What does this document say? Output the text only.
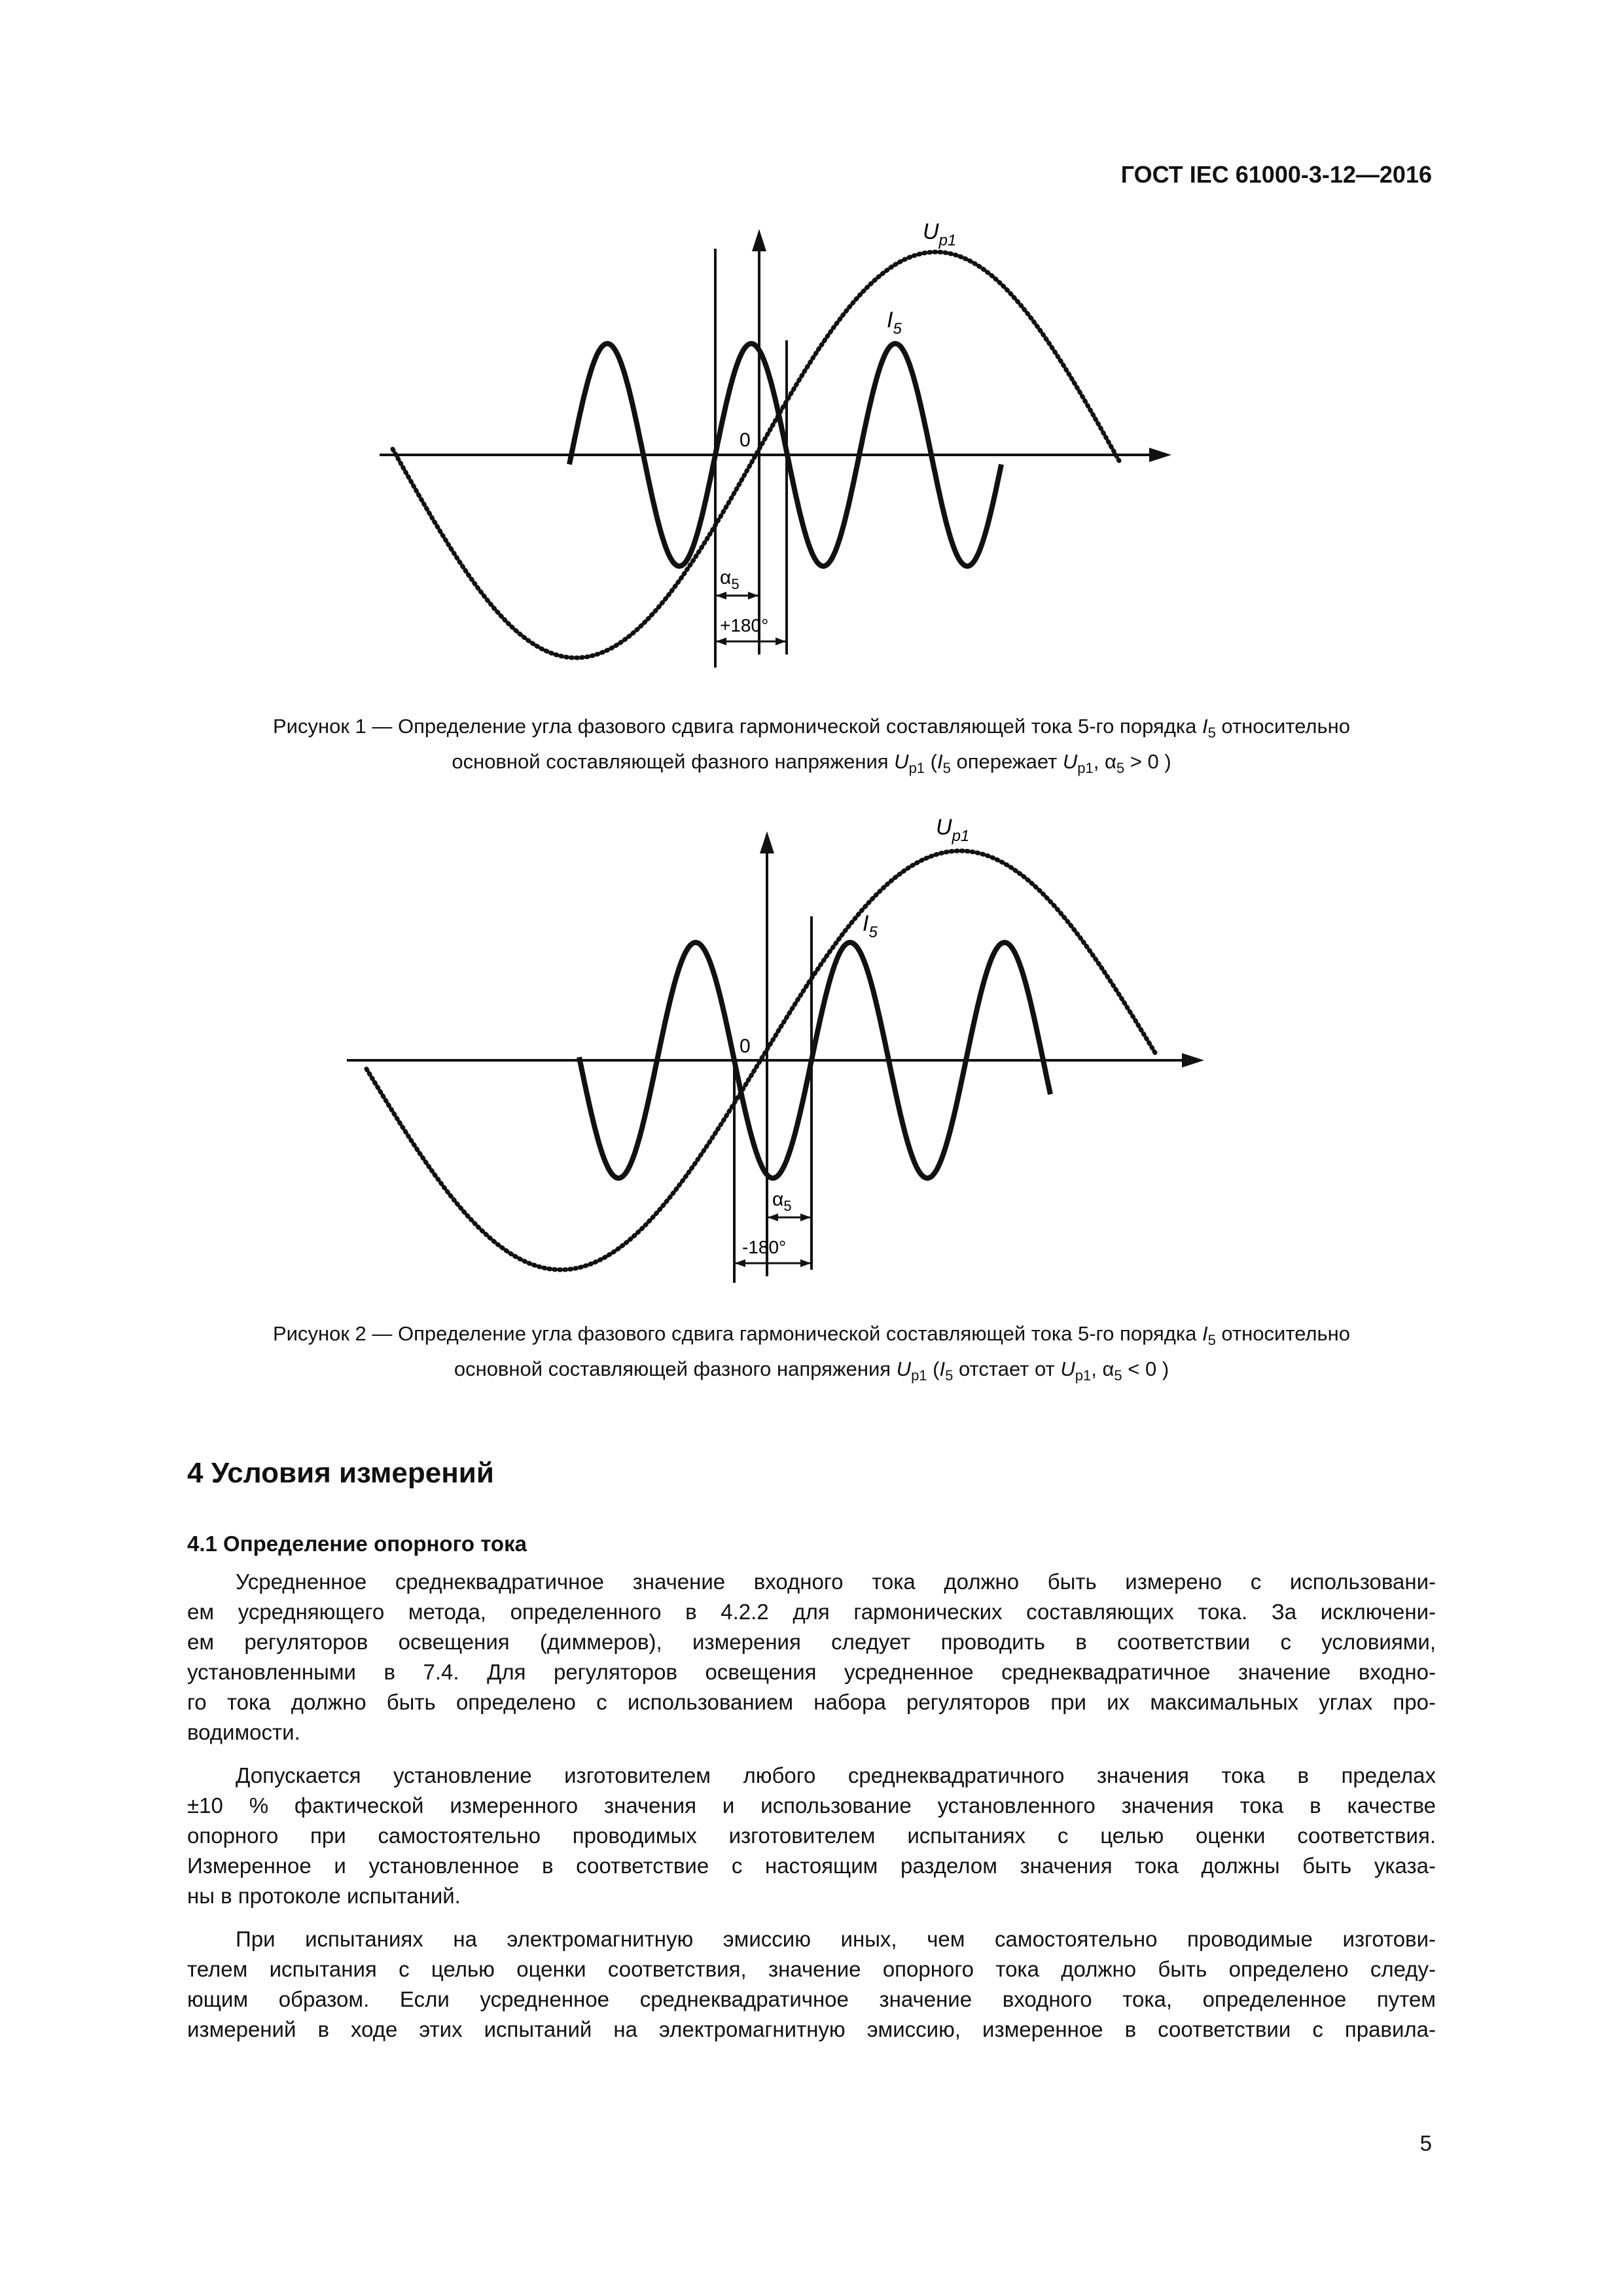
ГОСТ IEC 61000-3-12—2016
$U_{p1}$
$I_5$
0
$\alpha_5$
+180°
Рисунок 1 — Определение угла фазового сдвига гармонической составляющей тока 5-го порядка $I_5$ относительно
основной составляющей фазного напряжения $U_{p1}$ ($I_5$ опережает $U_{p1}$, $\alpha_5 > 0$ )
$U_{p1}$
$I_5$
0
$\alpha_5$
-180°
Рисунок 2 — Определение угла фазового сдвига гармонической составляющей тока 5-го порядка $I_5$ относительно
основной составляющей фазного напряжения $U_{p1}$ ($I_5$ отстает от $U_{p1}$, $\alpha_5 < 0$ )
4 Условия измерений
4.1 Определение опорного тока
Усредненное среднеквадратичное значение входного тока должно быть измерено с использовани-
ем усредняющего метода, определенного в 4.2.2 для гармонических составляющих тока. За исключени-
ем регуляторов освещения (диммеров), измерения следует проводить в соответствии с условиями,
установленными в 7.4. Для регуляторов освещения усредненное среднеквадратичное значение входно-
го тока должно быть определено с использованием набора регуляторов при их максимальных углах про-
водимости.
Допускается установление изготовителем любого среднеквадратичного значения тока в пределах
±10 % фактической измеренного значения и использование установленного значения тока в качестве
опорного при самостоятельно проводимых изготовителем испытаниях с целью оценки соответствия.
Измеренное и установленное в соответствие с настоящим разделом значения тока должны быть указа-
ны в протоколе испытаний.
При испытаниях на электромагнитную эмиссию иных, чем самостоятельно проводимые изготови-
телем испытания с целью оценки соответствия, значение опорного тока должно быть определено следу-
ющим образом. Если усредненное среднеквадратичное значение входного тока, определенное путем
измерений в ходе этих испытаний на электромагнитную эмиссию, измеренное в соответствии с правила-
5
